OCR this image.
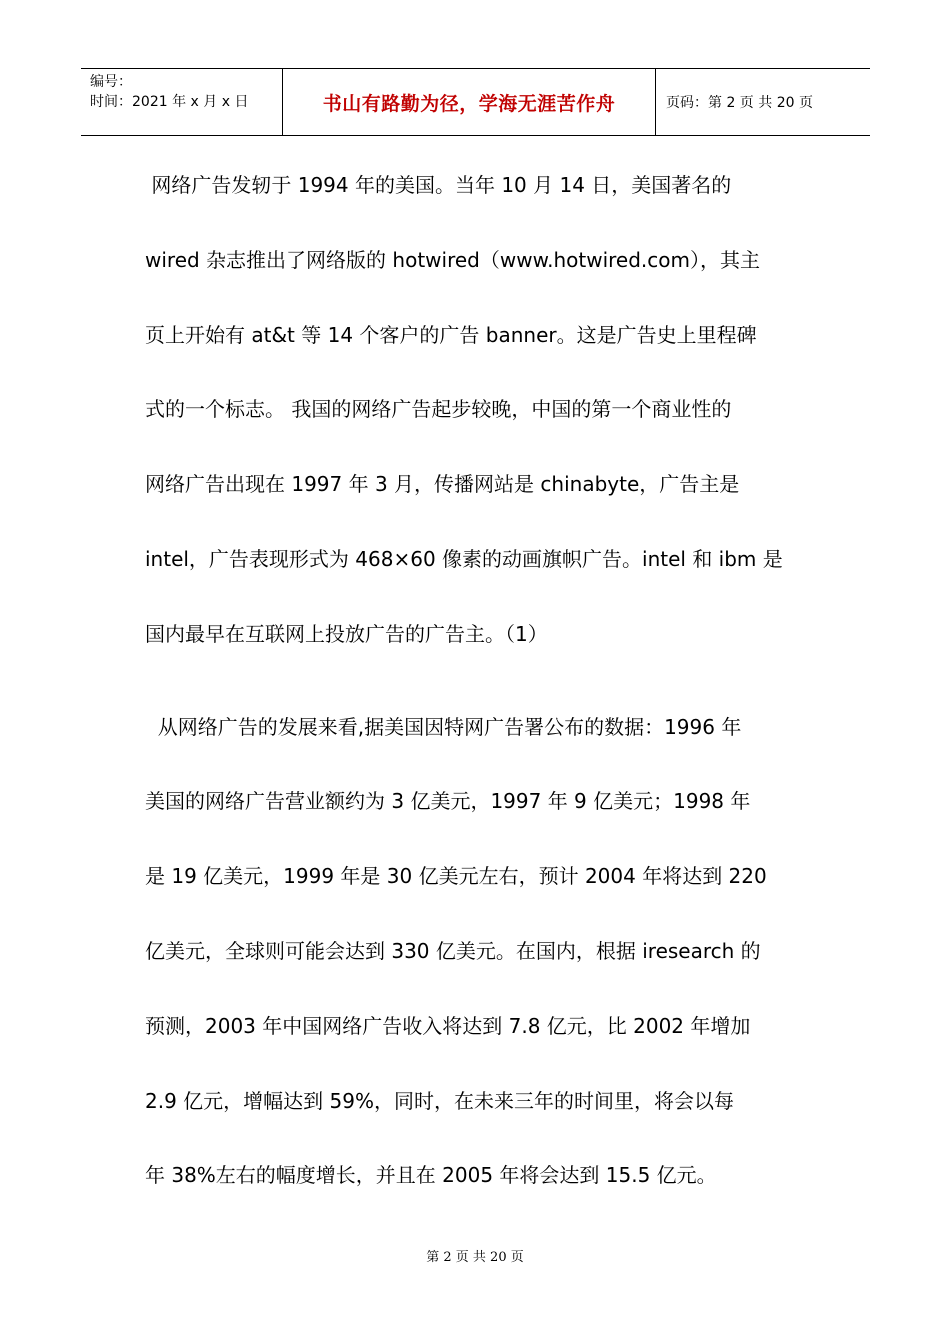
编号：
时间：2021 年 x 月 x 日	书山有路勤为径，学海无涯苦作舟	页码：第 2 页 共 20 页

网络广告发轫于 1994 年的美国。当年 10 月 14 日，美国著名的

wired 杂志推出了网络版的 hotwired（www.hotwired.com），其主

页上开始有 at&t 等 14 个客户的广告 banner。这是广告史上里程碑

式的一个标志。 我国的网络广告起步较晚，中国的第一个商业性的

网络广告出现在 1997 年 3 月，传播网站是 chinabyte，广告主是

intel，广告表现形式为 468×60 像素的动画旗帜广告。intel 和 ibm 是

国内最早在互联网上投放广告的广告主。（1）

从网络广告的发展来看,据美国因特网广告署公布的数据：1996 年

美国的网络广告营业额约为 3 亿美元，1997 年 9 亿美元；1998 年

是 19 亿美元，1999 年是 30 亿美元左右，预计 2004 年将达到 220

亿美元，全球则可能会达到 330 亿美元。在国内，根据 iresearch 的

预测，2003 年中国网络广告收入将达到 7.8 亿元，比 2002 年增加

2.9 亿元，增幅达到 59%，同时，在未来三年的时间里，将会以每

年 38%左右的幅度增长，并且在 2005 年将会达到 15.5 亿元。

第 2 页 共 20 页
